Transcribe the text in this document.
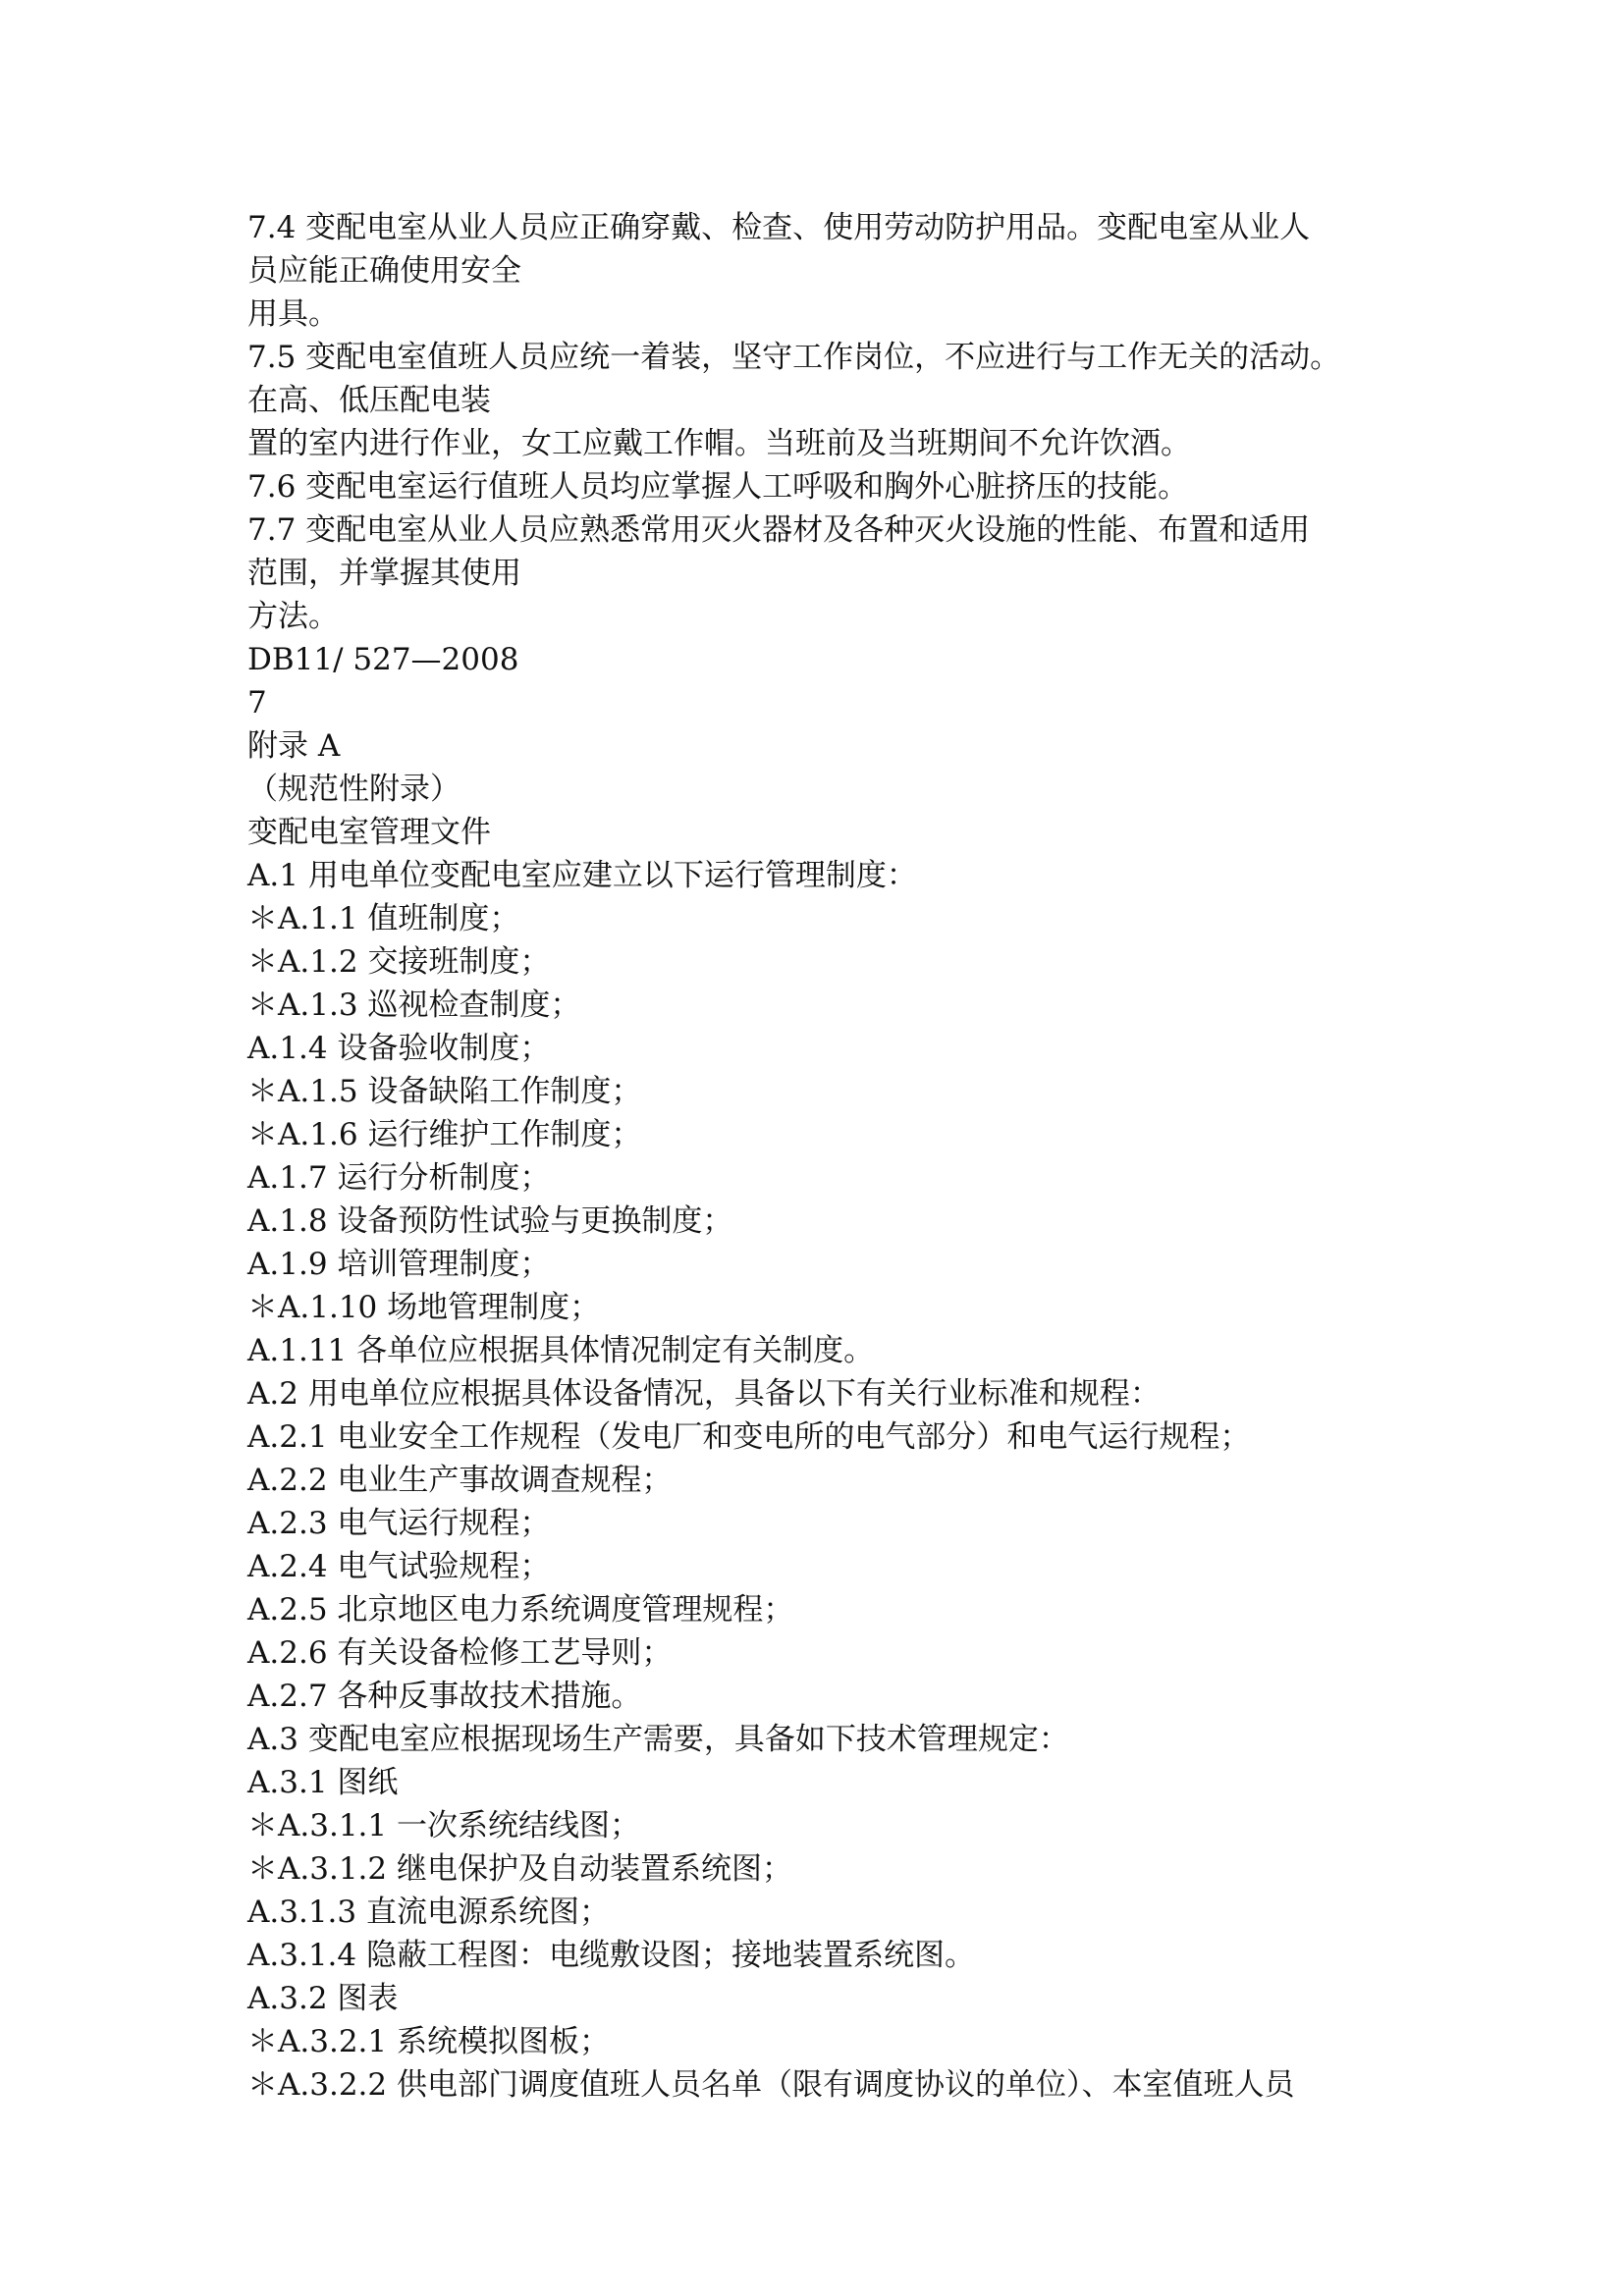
7.4 变配电室从业人员应正确穿戴、检查、使用劳动防护用品。变配电室从业人
员应能正确使用安全
用具。
7.5 变配电室值班人员应统一着装，坚守工作岗位，不应进行与工作无关的活动。
在高、低压配电装
置的室内进行作业，女工应戴工作帽。当班前及当班期间不允许饮酒。
7.6 变配电室运行值班人员均应掌握人工呼吸和胸外心脏挤压的技能。
7.7 变配电室从业人员应熟悉常用灭火器材及各种灭火设施的性能、布置和适用
范围，并掌握其使用
方法。
DB11/ 527—2008
7
附录 A
（规范性附录）
变配电室管理文件
A.1 用电单位变配电室应建立以下运行管理制度：
＊A.1.1 值班制度；
＊A.1.2 交接班制度；
＊A.1.3 巡视检查制度；
A.1.4 设备验收制度；
＊A.1.5 设备缺陷工作制度；
＊A.1.6 运行维护工作制度；
A.1.7 运行分析制度；
A.1.8 设备预防性试验与更换制度；
A.1.9 培训管理制度；
＊A.1.10 场地管理制度；
A.1.11 各单位应根据具体情况制定有关制度。
A.2 用电单位应根据具体设备情况，具备以下有关行业标准和规程：
A.2.1 电业安全工作规程（发电厂和变电所的电气部分）和电气运行规程；
A.2.2 电业生产事故调查规程；
A.2.3 电气运行规程；
A.2.4 电气试验规程；
A.2.5 北京地区电力系统调度管理规程；
A.2.6 有关设备检修工艺导则；
A.2.7 各种反事故技术措施。
A.3 变配电室应根据现场生产需要，具备如下技术管理规定：
A.3.1 图纸
＊A.3.1.1 一次系统结线图；
＊A.3.1.2 继电保护及自动装置系统图；
A.3.1.3 直流电源系统图；
A.3.1.4 隐蔽工程图：电缆敷设图；接地装置系统图。
A.3.2 图表
＊A.3.2.1 系统模拟图板；
＊A.3.2.2 供电部门调度值班人员名单（限有调度协议的单位）、本室值班人员
